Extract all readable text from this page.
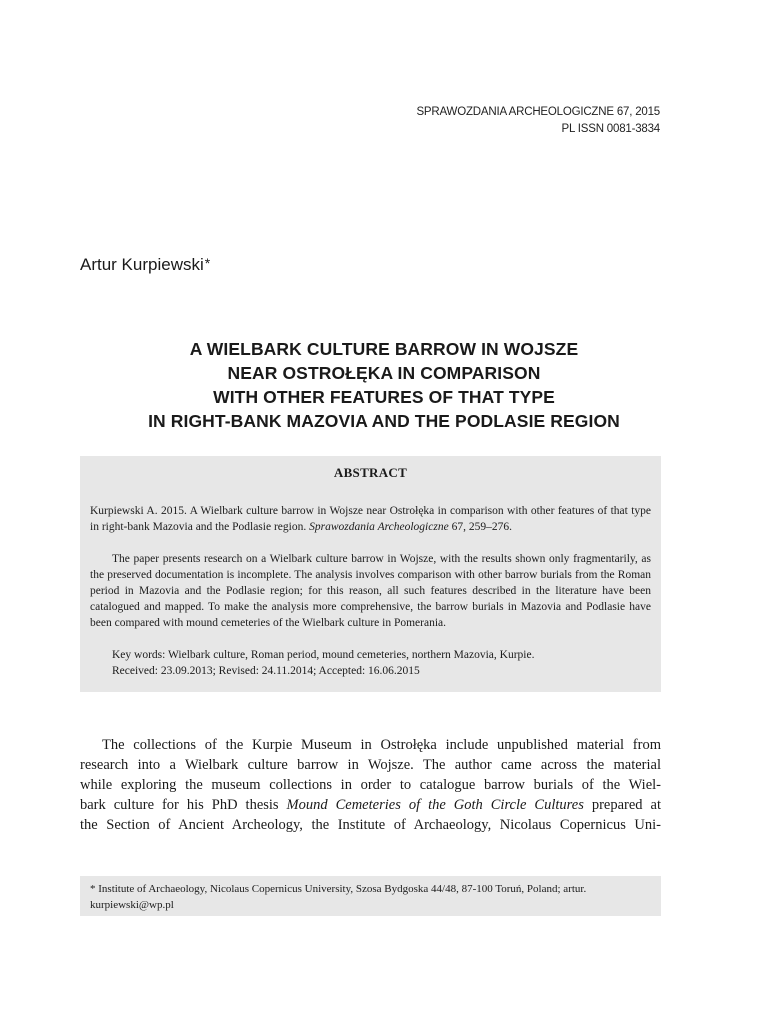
SPRAWOZDANIA ARCHEOLOGICZNE 67, 2015
PL ISSN 0081-3834
Artur Kurpiewski*
A WIELBARK CULTURE BARROW IN WOJSZE
NEAR OSTROŁĘKA IN COMPARISON
WITH OTHER FEATURES OF THAT TYPE
IN RIGHT-BANK MAZOVIA AND THE PODLASIE REGION
ABSTRACT
Kurpiewski A. 2015. A Wielbark culture barrow in Wojsze near Ostrołęka in comparison with other features of that type in right-bank Mazovia and the Podlasie region. Sprawozdania Archeologiczne 67, 259–276.
The paper presents research on a Wielbark culture barrow in Wojsze, with the results shown only fragmentarily, as the preserved documentation is incomplete. The analysis involves comparison with other barrow burials from the Roman period in Mazovia and the Podlasie region; for this reason, all such features described in the literature have been catalogued and mapped. To make the analysis more comprehensive, the barrow burials in Mazovia and Podlasie have been compared with mound cemeteries of the Wielbark culture in Pomerania.
Key words: Wielbark culture, Roman period, mound cemeteries, northern Mazovia, Kurpie.
Received: 23.09.2013; Revised: 24.11.2014; Accepted: 16.06.2015
The collections of the Kurpie Museum in Ostrołęka include unpublished material from
research into a Wielbark culture barrow in Wojsze. The author came across the material
while exploring the museum collections in order to catalogue barrow burials of the Wiel-
bark culture for his PhD thesis Mound Cemeteries of the Goth Circle Cultures prepared at
the Section of Ancient Archeology, the Institute of Archaeology, Nicolaus Copernicus Uni-
* Institute of Archaeology, Nicolaus Copernicus University, Szosa Bydgoska 44/48, 87-100 Toruń, Poland; artur.
kurpiewski@wp.pl
